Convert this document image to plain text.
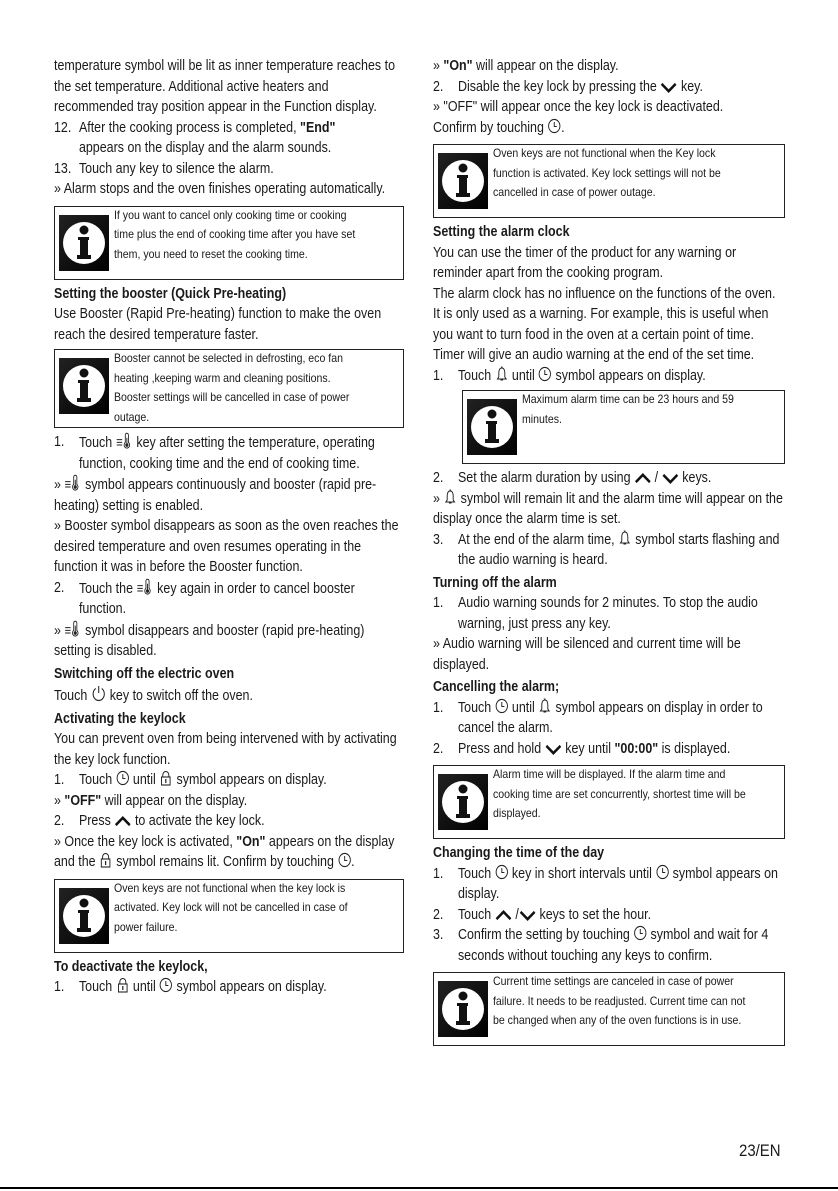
temperature symbol will be lit as inner temperature reaches to the set temperature. Additional active heaters and recommended tray position appear in the Function display.

12. After the cooking process is completed, "End"
appears on the display and the alarm sounds.
13. Touch any key to silence the alarm.

» Alarm stops and the oven finishes operating automatically.

If you want to cancel only cooking time or cooking time plus the end of cooking time after you have set them, you need to reset the cooking time.

Setting the booster (Quick Pre-heating)

Use Booster (Rapid Pre-heating) function to make the oven reach the desired temperature faster.

Booster cannot be selected in defrosting, eco fan heating ,keeping warm and cleaning positions. Booster settings will be cancelled in case of power outage.
1.	Touch  key after setting the temperature, operating function, cooking time and the end of cooking time.

»  symbol appears continuously and booster (rapid pre-heating) setting is enabled.

» Booster symbol disappears as soon as the oven reaches the desired temperature and oven resumes operating in the function it was in before the Booster function.

2.	Touch the  key again in order to cancel booster function.

»  symbol disappears and booster (rapid pre-heating) setting is disabled.

Switching off the electric oven

Touch  key to switch off the oven.

Activating the keylock

You can prevent oven from being intervened with by activating the key lock function.

1.	Touch  until  symbol appears on display.

» "OFF" will appear on the display.

2.	Press  to activate the key lock.

» Once the key lock is activated, "On" appears on the display and the  symbol remains lit. Confirm by touching .

Oven keys are not functional when the key lock is activated. Key lock will not be cancelled in case of power failure.

To deactivate the keylock,

1.	Touch  until  symbol appears on display.

» "On" will appear on the display.

2.	Disable the key lock by pressing the  key.

» "OFF" will appear once the key lock is deactivated.

Confirm by touching .

Oven keys are not functional when the Key lock function is activated. Key lock settings will not be cancelled in case of power outage.

Setting the alarm clock

You can use the timer of the product for any warning or reminder apart from the cooking program.

The alarm clock has no influence on the functions of the oven. It is only used as a warning. For example, this is useful when you want to turn food in the oven at a certain point of time. Timer will give an audio warning at the end of the set time.

1.	Touch  until  symbol appears on display.
Maximum alarm time can be 23 hours and 59 minutes.
2.	Set the alarm duration by using  /  keys.

»  symbol will remain lit and the alarm time will appear on the display once the alarm time is set.

3.	At the end of the alarm time,  symbol starts flashing and the audio warning is heard.

Turning off the alarm

1.	Audio warning sounds for 2 minutes. To stop the audio warning, just press any key.

» Audio warning will be silenced and current time will be displayed.

Cancelling the alarm;

1.	Touch  until  symbol appears on display in order to cancel the alarm.
2.	Press and hold  key until "00:00" is displayed.
Alarm time will be displayed. If the alarm time and cooking time are set concurrently, shortest time will be displayed.

Changing the time of the day

1.	Touch  key in short intervals until  symbol appears on display.
2.	Touch  / keys to set the hour.
3.	Confirm the setting by touching  symbol and wait for 4 seconds without touching any keys to confirm.
Current time settings are canceled in case of power failure. It needs to be readjusted. Current time can not be changed when any of the oven functions is in use.
23/EN
